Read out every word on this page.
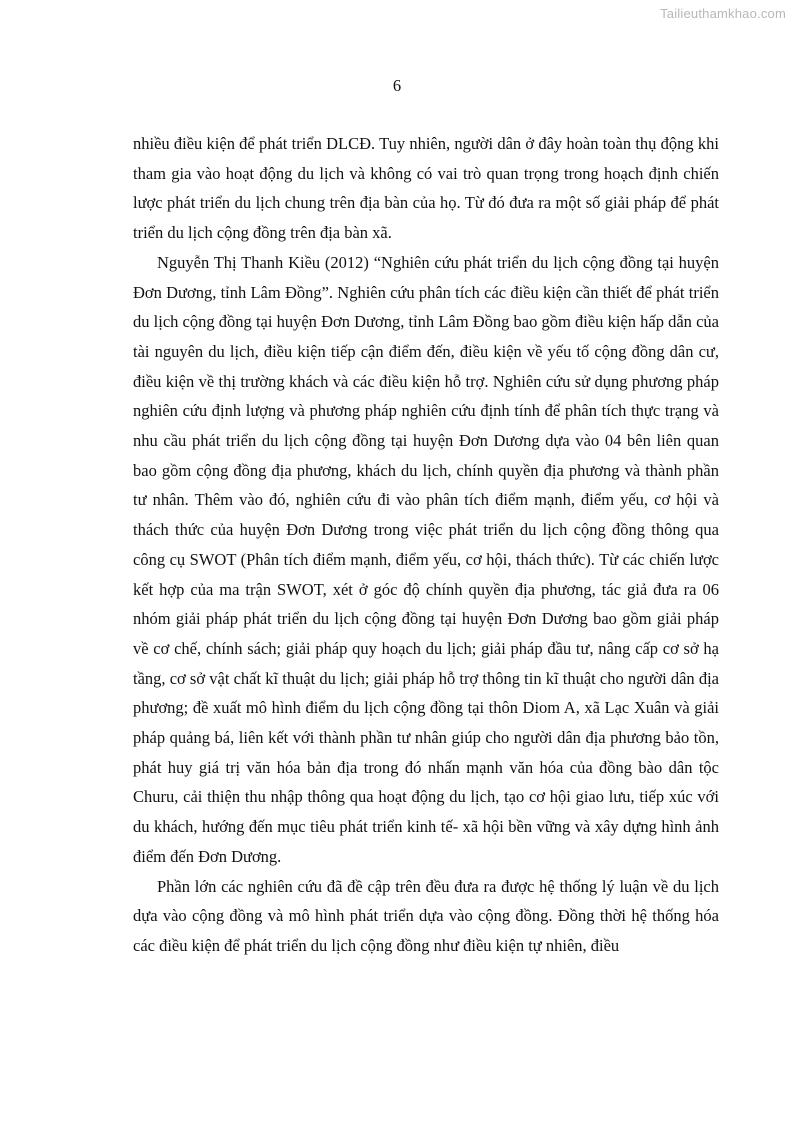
Tailieuthamkhao.com
6

nhiều điều kiện để phát triển DLCĐ. Tuy nhiên, người dân ở đây hoàn toàn thụ động khi tham gia vào hoạt động du lịch và không có vai trò quan trọng trong hoạch định chiến lược phát triển du lịch chung trên địa bàn của họ. Từ đó đưa ra một số giải pháp để phát triển du lịch cộng đồng trên địa bàn xã.

Nguyễn Thị Thanh Kiều (2012) “Nghiên cứu phát triển du lịch cộng đồng tại huyện Đơn Dương, tỉnh Lâm Đồng”. Nghiên cứu phân tích các điều kiện cần thiết để phát triển du lịch cộng đồng tại huyện Đơn Dương, tỉnh Lâm Đồng bao gồm điều kiện hấp dẫn của tài nguyên du lịch, điều kiện tiếp cận điểm đến, điều kiện về yếu tố cộng đồng dân cư, điều kiện về thị trường khách và các điều kiện hỗ trợ. Nghiên cứu sử dụng phương pháp nghiên cứu định lượng và phương pháp nghiên cứu định tính để phân tích thực trạng và nhu cầu phát triển du lịch cộng đồng tại huyện Đơn Dương dựa vào 04 bên liên quan bao gồm cộng đồng địa phương, khách du lịch, chính quyền địa phương và thành phần tư nhân. Thêm vào đó, nghiên cứu đi vào phân tích điểm mạnh, điểm yếu, cơ hội và thách thức của huyện Đơn Dương trong việc phát triển du lịch cộng đồng thông qua công cụ SWOT (Phân tích điểm mạnh, điểm yếu, cơ hội, thách thức). Từ các chiến lược kết hợp của ma trận SWOT, xét ở góc độ chính quyền địa phương, tác giả đưa ra 06 nhóm giải pháp phát triển du lịch cộng đồng tại huyện Đơn Dương bao gồm giải pháp về cơ chế, chính sách; giải pháp quy hoạch du lịch; giải pháp đầu tư, nâng cấp cơ sở hạ tầng, cơ sở vật chất kĩ thuật du lịch; giải pháp hỗ trợ thông tin kĩ thuật cho người dân địa phương; đề xuất mô hình điểm du lịch cộng đồng tại thôn Diom A, xã Lạc Xuân và giải pháp quảng bá, liên kết với thành phần tư nhân giúp cho người dân địa phương bảo tồn, phát huy giá trị văn hóa bản địa trong đó nhấn mạnh văn hóa của đồng bào dân tộc Churu, cải thiện thu nhập thông qua hoạt động du lịch, tạo cơ hội giao lưu, tiếp xúc với du khách, hướng đến mục tiêu phát triển kinh tế- xã hội bền vững và xây dựng hình ảnh điểm đến Đơn Dương.

Phần lớn các nghiên cứu đã đề cập trên đều đưa ra được hệ thống lý luận về du lịch dựa vào cộng đồng và mô hình phát triển dựa vào cộng đồng. Đồng thời hệ thống hóa các điều kiện để phát triển du lịch cộng đồng như điều kiện tự nhiên, điều
